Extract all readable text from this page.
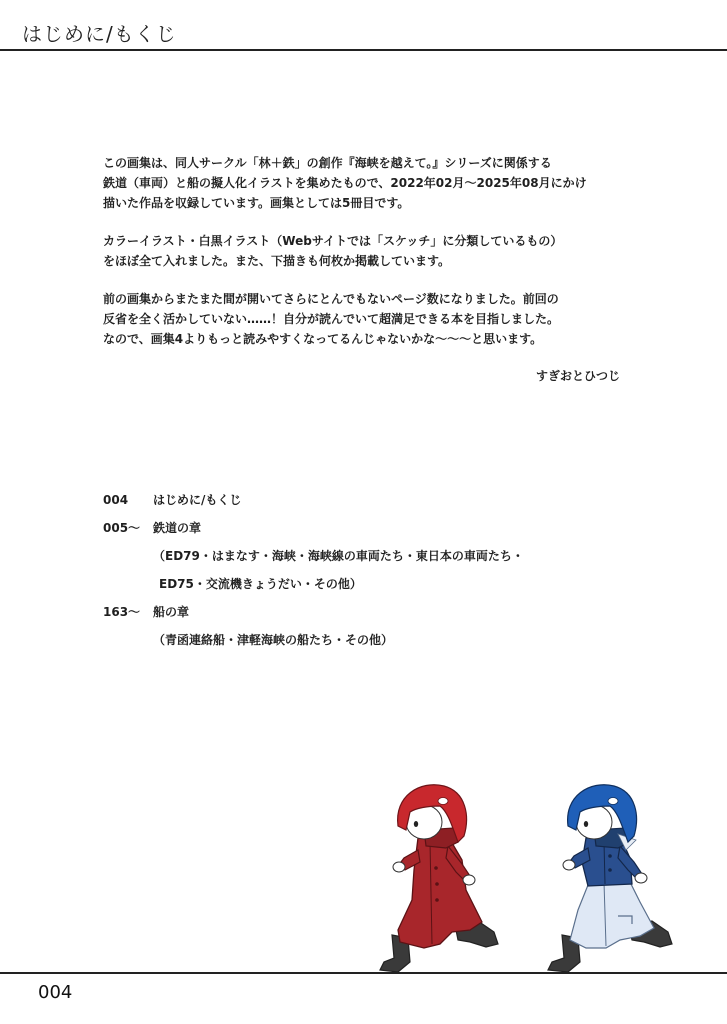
はじめに/もくじ

この画集は、同人サークル「林＋鉄」の創作『海峡を越えて。』シリーズに関係する
鉄道（車両）と船の擬人化イラストを集めたもので、2022年02月～2025年08月にかけ
描いた作品を収録しています。画集としては5冊目です。

カラーイラスト・白黒イラスト（Webサイトでは「スケッチ」に分類しているもの）
をほぼ全て入れました。また、下描きも何枚か掲載しています。

前の画集からまたまた間が開いてさらにとんでもないページ数になりました。前回の
反省を全く活かしていない……！自分が読んでいて超満足できる本を目指しました。
なので、画集4よりもっと読みやすくなってるんじゃないかな～～～と思います。

すぎおとひつじ
004 はじめに/もくじ
005～ 鉄道の章
（ED79・はまなす・海峡・海峡線の車両たち・東日本の車両たち・
ED75・交流機きょうだい・その他）
163～ 船の章
（青函連絡船・津軽海峡の船たち・その他）
004
